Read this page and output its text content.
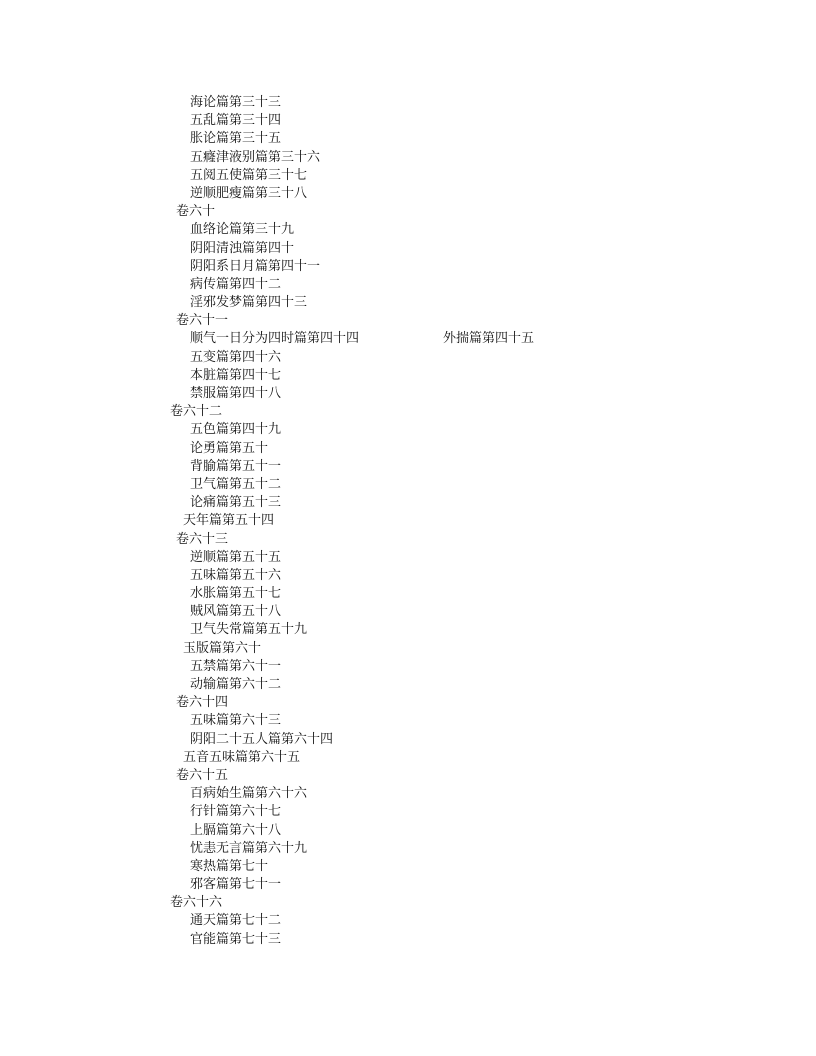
海论篇第三十三
五乱篇第三十四
胀论篇第三十五
五癃津液别篇第三十六
五阅五使篇第三十七
逆顺肥瘦篇第三十八
卷六十
血络论篇第三十九
阴阳清浊篇第四十
阴阳系日月篇第四十一
病传篇第四十二
淫邪发梦篇第四十三
卷六十一
顺气一日分为四时篇第四十四	外揣篇第四十五
五变篇第四十六
本脏篇第四十七
禁服篇第四十八
卷六十二
五色篇第四十九
论勇篇第五十
背腧篇第五十一
卫气篇第五十二
论痛篇第五十三
天年篇第五十四
卷六十三
逆顺篇第五十五
五味篇第五十六
水胀篇第五十七
贼风篇第五十八
卫气失常篇第五十九
玉版篇第六十
五禁篇第六十一
动输篇第六十二
卷六十四
五味篇第六十三
阴阳二十五人篇第六十四
五音五味篇第六十五
卷六十五
百病始生篇第六十六
行针篇第六十七
上膈篇第六十八
忧恚无言篇第六十九
寒热篇第七十
邪客篇第七十一
卷六十六
通天篇第七十二
官能篇第七十三
